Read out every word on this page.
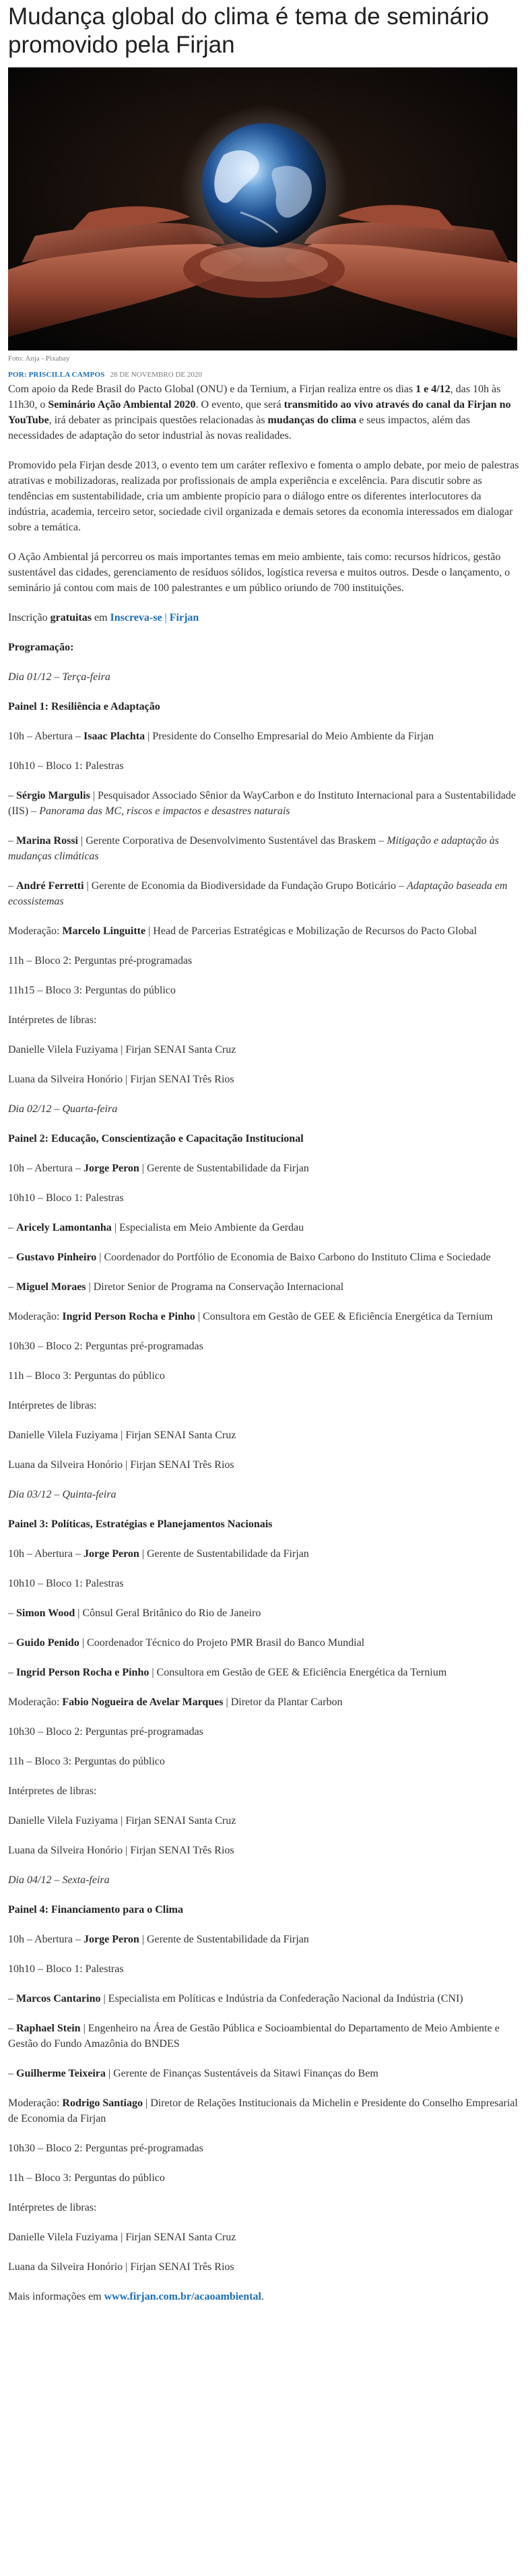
Mudança global do clima é tema de seminário promovido pela Firjan
Foto: Anja - Pixabay
POR: PRISCILLA CAMPOS 28 DE NOVEMBRO DE 2020

Com apoio da Rede Brasil do Pacto Global (ONU) e da Ternium, a Firjan realiza entre os dias 1 e 4/12, das 10h às 11h30, o Seminário Ação Ambiental 2020. O evento, que será transmitido ao vivo através do canal da Firjan no YouTube, irá debater as principais questões relacionadas às mudanças do clima e seus impactos, além das necessidades de adaptação do setor industrial às novas realidades.

Promovido pela Firjan desde 2013, o evento tem um caráter reflexivo e fomenta o amplo debate, por meio de palestras atrativas e mobilizadoras, realizada por profissionais de ampla experiência e excelência. Para discutir sobre as tendências em sustentabilidade, cria um ambiente propício para o diálogo entre os diferentes interlocutores da indústria, academia, terceiro setor, sociedade civil organizada e demais setores da economia interessados em dialogar sobre a temática.

O Ação Ambiental já percorreu os mais importantes temas em meio ambiente, tais como: recursos hídricos, gestão sustentável das cidades, gerenciamento de resíduos sólidos, logística reversa e muitos outros. Desde o lançamento, o seminário já contou com mais de 100 palestrantes e um público oriundo de 700 instituições.

Inscrição gratuitas em Inscreva-se | Firjan

Programação:

Dia 01/12 – Terça-feira

Painel 1: Resiliência e Adaptação

10h – Abertura – Isaac Plachta | Presidente do Conselho Empresarial do Meio Ambiente da Firjan

10h10 – Bloco 1: Palestras

– Sérgio Margulis | Pesquisador Associado Sênior da WayCarbon e do Instituto Internacional para a Sustentabilidade (IIS) – Panorama das MC, riscos e impactos e desastres naturais

– Marina Rossi | Gerente Corporativa de Desenvolvimento Sustentável das Braskem – Mitigação e adaptação às mudanças climáticas

– André Ferretti | Gerente de Economia da Biodiversidade da Fundação Grupo Boticário – Adaptação baseada em ecossistemas

Moderação: Marcelo Linguitte | Head de Parcerias Estratégicas e Mobilização de Recursos do Pacto Global

11h – Bloco 2: Perguntas pré-programadas

11h15 – Bloco 3: Perguntas do público

Intérpretes de libras:

Danielle Vilela Fuziyama | Firjan SENAI Santa Cruz

Luana da Silveira Honório | Firjan SENAI Três Rios

Dia 02/12 – Quarta-feira

Painel 2: Educação, Conscientização e Capacitação Institucional

10h – Abertura – Jorge Peron | Gerente de Sustentabilidade da Firjan

10h10 – Bloco 1: Palestras

– Aricely Lamontanha | Especialista em Meio Ambiente da Gerdau

– Gustavo Pinheiro | Coordenador do Portfólio de Economia de Baixo Carbono do Instituto Clima e Sociedade

– Miguel Moraes | Diretor Senior de Programa na Conservação Internacional

Moderação: Ingrid Person Rocha e Pinho | Consultora em Gestão de GEE & Eficiência Energética da Ternium

10h30 – Bloco 2: Perguntas pré-programadas

11h – Bloco 3: Perguntas do público

Intérpretes de libras:

Danielle Vilela Fuziyama | Firjan SENAI Santa Cruz

Luana da Silveira Honório | Firjan SENAI Três Rios

Dia 03/12 – Quinta-feira

Painel 3: Políticas, Estratégias e Planejamentos Nacionais

10h – Abertura – Jorge Peron | Gerente de Sustentabilidade da Firjan

10h10 – Bloco 1: Palestras

– Simon Wood | Cônsul Geral Britânico do Rio de Janeiro

– Guido Penido | Coordenador Técnico do Projeto PMR Brasil do Banco Mundial

– Ingrid Person Rocha e Pinho | Consultora em Gestão de GEE & Eficiência Energética da Ternium

Moderação: Fabio Nogueira de Avelar Marques | Diretor da Plantar Carbon

10h30 – Bloco 2: Perguntas pré-programadas

11h – Bloco 3: Perguntas do público

Intérpretes de libras:

Danielle Vilela Fuziyama | Firjan SENAI Santa Cruz

Luana da Silveira Honório | Firjan SENAI Três Rios

Dia 04/12 – Sexta-feira

Painel 4: Financiamento para o Clima

10h – Abertura – Jorge Peron | Gerente de Sustentabilidade da Firjan

10h10 – Bloco 1: Palestras

– Marcos Cantarino | Especialista em Políticas e Indústria da Confederação Nacional da Indústria (CNI)

– Raphael Stein | Engenheiro na Área de Gestão Pública e Socioambiental do Departamento de Meio Ambiente e Gestão do Fundo Amazônia do BNDES

– Guilherme Teixeira | Gerente de Finanças Sustentáveis da Sitawi Finanças do Bem

Moderação: Rodrigo Santiago | Diretor de Relações Institucionais da Michelin e Presidente do Conselho Empresarial de Economia da Firjan

10h30 – Bloco 2: Perguntas pré-programadas

11h – Bloco 3: Perguntas do público

Intérpretes de libras:

Danielle Vilela Fuziyama | Firjan SENAI Santa Cruz

Luana da Silveira Honório | Firjan SENAI Três Rios

Mais informações em www.firjan.com.br/acaoambiental.
